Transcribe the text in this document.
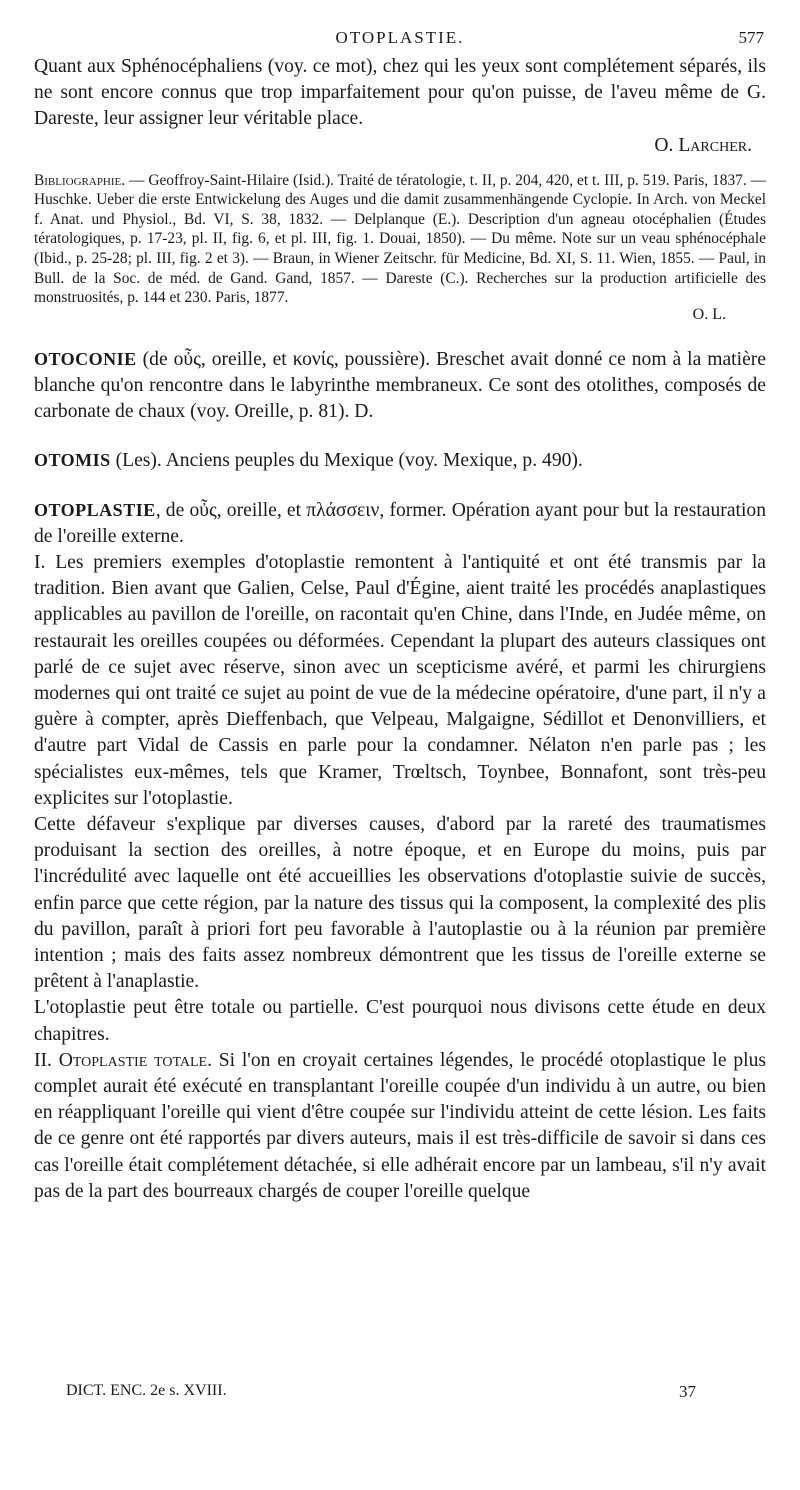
OTOPLASTIE.	577

Quant aux Sphénocéphaliens (voy. ce mot), chez qui les yeux sont complétement séparés, ils ne sont encore connus que trop imparfaitement pour qu'on puisse, de l'aveu même de G. Dareste, leur assigner leur véritable place.

O. Larcher.

Bibliographie. — Geoffroy-Saint-Hilaire (Isid.). Traité de tératologie, t. II, p. 204, 420, et t. III, p. 519. Paris, 1837. — Huschke. Ueber die erste Entwickelung des Auges und die damit zusammenhängende Cyclopie. In Arch. von Meckel f. Anat. und Physiol., Bd. VI, S. 38, 1832. — Delplanque (E.). Description d'un agneau otocéphalien (Études tératologiques, p. 17-23, pl. II, fig. 6, et pl. III, fig. 1. Douai, 1850). — Du même. Note sur un veau sphénocéphale (Ibid., p. 25-28; pl. III, fig. 2 et 3). — Braun, in Wiener Zeitschr. für Medicine, Bd. XI, S. 11. Wien, 1855. — Paul, in Bull. de la Soc. de méd. de Gand. Gand, 1857. — Dareste (C.). Recherches sur la production artificielle des monstruosités, p. 144 et 230. Paris, 1877.

O. L.

OTOCONIE (de οὖς, oreille, et κονίς, poussière). Breschet avait donné ce nom à la matière blanche qu'on rencontre dans le labyrinthe membraneux. Ce sont des otolithes, composés de carbonate de chaux (voy. Oreille, p. 81). D.

OTOMIS (Les). Anciens peuples du Mexique (voy. Mexique, p. 490).

OTOPLASTIE, de οὖς, oreille, et πλάσσειν, former. Opération ayant pour but la restauration de l'oreille externe.

I. Les premiers exemples d'otoplastie remontent à l'antiquité et ont été transmis par la tradition. Bien avant que Galien, Celse, Paul d'Égine, aient traité les procédés anaplastiques applicables au pavillon de l'oreille, on racontait qu'en Chine, dans l'Inde, en Judée même, on restaurait les oreilles coupées ou déformées. Cependant la plupart des auteurs classiques ont parlé de ce sujet avec réserve, sinon avec un scepticisme avéré, et parmi les chirurgiens modernes qui ont traité ce sujet au point de vue de la médecine opératoire, d'une part, il n'y a guère à compter, après Dieffenbach, que Velpeau, Malgaigne, Sédillot et Denonvilliers, et d'autre part Vidal de Cassis en parle pour la condamner. Nélaton n'en parle pas ; les spécialistes eux-mêmes, tels que Kramer, Trœltsch, Toynbee, Bonnafont, sont très-peu explicites sur l'otoplastie.

Cette défaveur s'explique par diverses causes, d'abord par la rareté des traumatismes produisant la section des oreilles, à notre époque, et en Europe du moins, puis par l'incrédulité avec laquelle ont été accueillies les observations d'otoplastie suivie de succès, enfin parce que cette région, par la nature des tissus qui la composent, la complexité des plis du pavillon, paraît à priori fort peu favorable à l'autoplastie ou à la réunion par première intention ; mais des faits assez nombreux démontrent que les tissus de l'oreille externe se prêtent à l'anaplastie.

L'otoplastie peut être totale ou partielle. C'est pourquoi nous divisons cette étude en deux chapitres.

II. Otoplastie totale. Si l'on en croyait certaines légendes, le procédé otoplastique le plus complet aurait été exécuté en transplantant l'oreille coupée d'un individu à un autre, ou bien en réappliquant l'oreille qui vient d'être coupée sur l'individu atteint de cette lésion. Les faits de ce genre ont été rapportés par divers auteurs, mais il est très-difficile de savoir si dans ces cas l'oreille était complétement détachée, si elle adhérait encore par un lambeau, s'il n'y avait pas de la part des bourreaux chargés de couper l'oreille quelque

DICT. ENC. 2e s. XVIII.	37
